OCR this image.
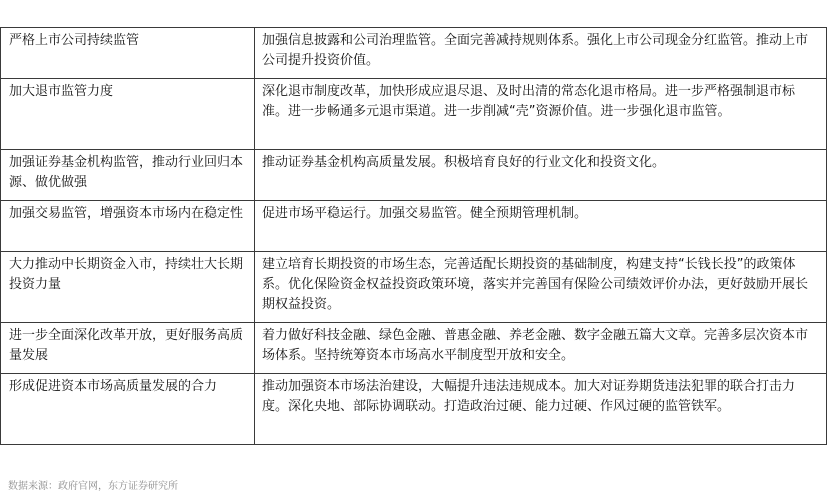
严格上市公司持续监管	加强信息披露和公司治理监管。全面完善减持规则体系。强化上市公司现金分红监管。推动上市公司提升投资价值。
加大退市监管力度	深化退市制度改革，加快形成应退尽退、及时出清的常态化退市格局。进一步严格强制退市标准。进一步畅通多元退市渠道。进一步削减“壳”资源价值。进一步强化退市监管。
加强证券基金机构监管，推动行业回归本源、做优做强	推动证券基金机构高质量发展。积极培育良好的行业文化和投资文化。
加强交易监管，增强资本市场内在稳定性	促进市场平稳运行。加强交易监管。健全预期管理机制。
大力推动中长期资金入市，持续壮大长期投资力量	建立培育长期投资的市场生态，完善适配长期投资的基础制度，构建支持“长钱长投”的政策体系。优化保险资金权益投资政策环境，落实并完善国有保险公司绩效评价办法，更好鼓励开展长期权益投资。
进一步全面深化改革开放，更好服务高质量发展	着力做好科技金融、绿色金融、普惠金融、养老金融、数字金融五篇大文章。完善多层次资本市场体系。坚持统筹资本市场高水平制度型开放和安全。
形成促进资本市场高质量发展的合力	推动加强资本市场法治建设，大幅提升违法违规成本。加大对证券期货违法犯罪的联合打击力度。深化央地、部际协调联动。打造政治过硬、能力过硬、作风过硬的监管铁军。
数据来源：政府官网，东方证券研究所
